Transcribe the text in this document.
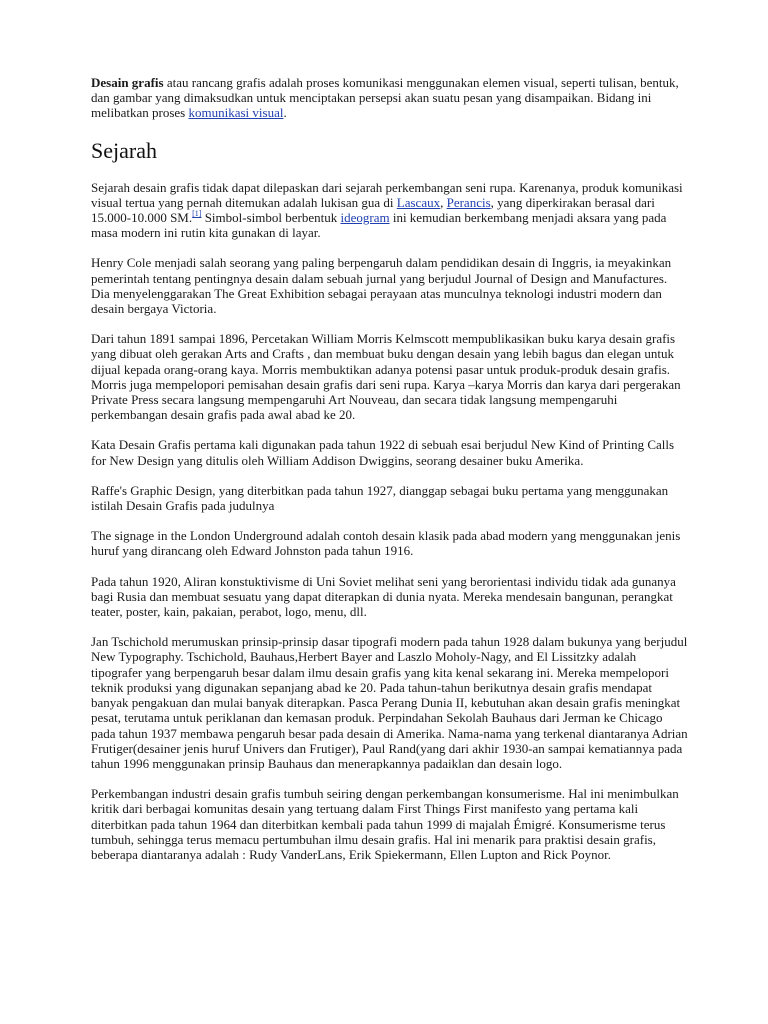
Desain grafis atau rancang grafis adalah proses komunikasi menggunakan elemen visual, seperti tulisan, bentuk, dan gambar yang dimaksudkan untuk menciptakan persepsi akan suatu pesan yang disampaikan. Bidang ini melibatkan proses komunikasi visual.

Sejarah

Sejarah desain grafis tidak dapat dilepaskan dari sejarah perkembangan seni rupa. Karenanya, produk komunikasi visual tertua yang pernah ditemukan adalah lukisan gua di Lascaux, Perancis, yang diperkirakan berasal dari 15.000-10.000 SM.[1] Simbol-simbol berbentuk ideogram ini kemudian berkembang menjadi aksara yang pada masa modern ini rutin kita gunakan di layar.

Henry Cole menjadi salah seorang yang paling berpengaruh dalam pendidikan desain di Inggris, ia meyakinkan pemerintah tentang pentingnya desain dalam sebuah jurnal yang berjudul Journal of Design and Manufactures. Dia menyelenggarakan The Great Exhibition sebagai perayaan atas munculnya teknologi industri modern dan desain bergaya Victoria.

Dari tahun 1891 sampai 1896, Percetakan William Morris Kelmscott mempublikasikan buku karya desain grafis yang dibuat oleh gerakan Arts and Crafts , dan membuat buku dengan desain yang lebih bagus dan elegan untuk dijual kepada orang-orang kaya. Morris membuktikan adanya potensi pasar untuk produk-produk desain grafis. Morris juga mempelopori pemisahan desain grafis dari seni rupa. Karya –karya Morris dan karya dari pergerakan Private Press secara langsung mempengaruhi Art Nouveau, dan secara tidak langsung mempengaruhi perkembangan desain grafis pada awal abad ke 20.

Kata Desain Grafis pertama kali digunakan pada tahun 1922 di sebuah esai berjudul New Kind of Printing Calls for New Design yang ditulis oleh William Addison Dwiggins, seorang desainer buku Amerika.

Raffe's Graphic Design, yang diterbitkan pada tahun 1927, dianggap sebagai buku pertama yang menggunakan istilah Desain Grafis pada judulnya

The signage in the London Underground adalah contoh desain klasik pada abad modern yang menggunakan jenis huruf yang dirancang oleh Edward Johnston pada tahun 1916.

Pada tahun 1920, Aliran konstuktivisme di Uni Soviet melihat seni yang berorientasi individu tidak ada gunanya bagi Rusia dan membuat sesuatu yang dapat diterapkan di dunia nyata. Mereka mendesain bangunan, perangkat teater, poster, kain, pakaian, perabot, logo, menu, dll.

Jan Tschichold merumuskan prinsip-prinsip dasar tipografi modern pada tahun 1928 dalam bukunya yang berjudul New Typography. Tschichold, Bauhaus,Herbert Bayer and Laszlo Moholy-Nagy, and El Lissitzky adalah tipografer yang berpengaruh besar dalam ilmu desain grafis yang kita kenal sekarang ini. Mereka mempelopori teknik produksi yang digunakan sepanjang abad ke 20. Pada tahun-tahun berikutnya desain grafis mendapat banyak pengakuan dan mulai banyak diterapkan. Pasca Perang Dunia II, kebutuhan akan desain grafis meningkat pesat, terutama untuk periklanan dan kemasan produk. Perpindahan Sekolah Bauhaus dari Jerman ke Chicago pada tahun 1937 membawa pengaruh besar pada desain di Amerika. Nama-nama yang terkenal diantaranya Adrian Frutiger(desainer jenis huruf Univers dan Frutiger), Paul Rand(yang dari akhir 1930-an sampai kematiannya pada tahun 1996 menggunakan prinsip Bauhaus dan menerapkannya padaiklan dan desain logo.

Perkembangan industri desain grafis tumbuh seiring dengan perkembangan konsumerisme. Hal ini menimbulkan kritik dari berbagai komunitas desain yang tertuang dalam First Things First manifesto yang pertama kali diterbitkan pada tahun 1964 dan diterbitkan kembali pada tahun 1999 di majalah Émigré. Konsumerisme terus tumbuh, sehingga terus memacu pertumbuhan ilmu desain grafis. Hal ini menarik para praktisi desain grafis, beberapa diantaranya adalah : Rudy VanderLans, Erik Spiekermann, Ellen Lupton and Rick Poynor.
